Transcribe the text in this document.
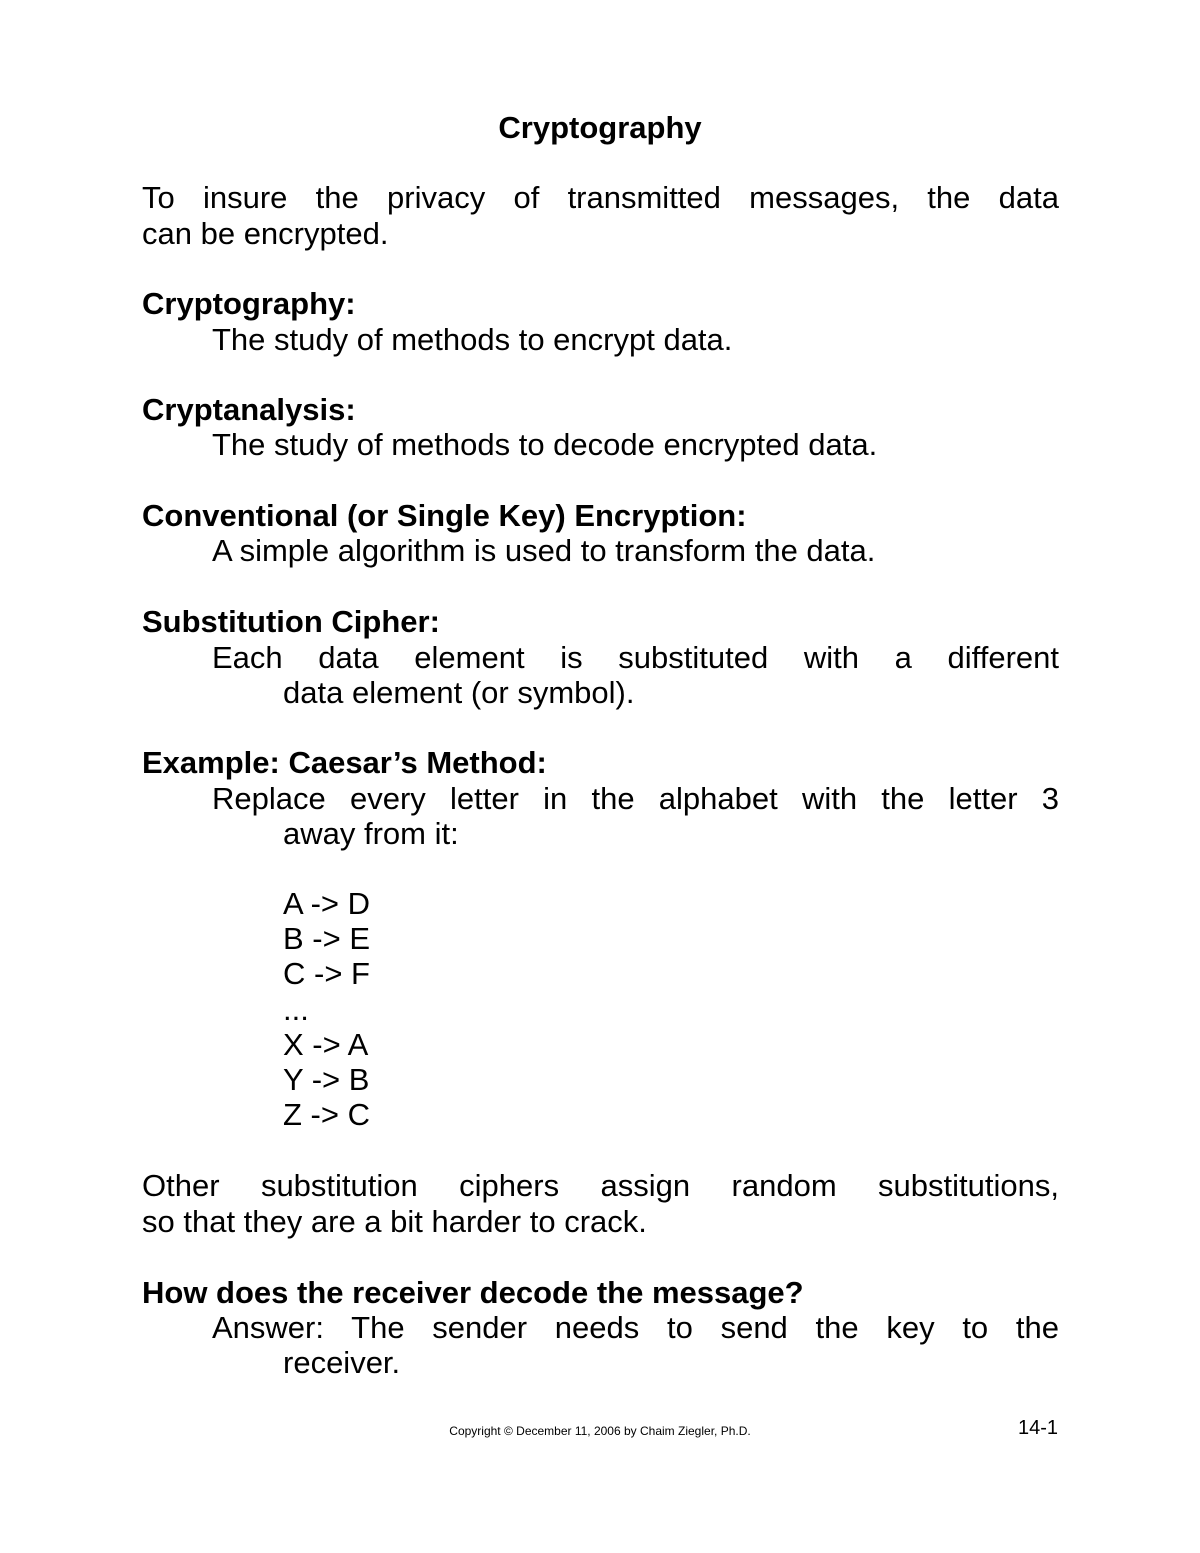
Cryptography
To insure the privacy of transmitted messages, the data
can be encrypted.
Cryptography:
The study of methods to encrypt data.
Cryptanalysis:
The study of methods to decode encrypted data.
Conventional (or Single Key) Encryption:
A simple algorithm is used to transform the data.
Substitution Cipher:
Each data element is substituted with a different
data element (or symbol).
Example: Caesar’s Method:
Replace every letter in the alphabet with the letter 3
away from it:
A -> D
B -> E
C -> F
...
X -> A
Y -> B
Z -> C
Other substitution ciphers assign random substitutions,
so that they are a bit harder to crack.
How does the receiver decode the message?
Answer: The sender needs to send the key to the
receiver.
Copyright © December 11, 2006 by Chaim Ziegler, Ph.D.	14-1
